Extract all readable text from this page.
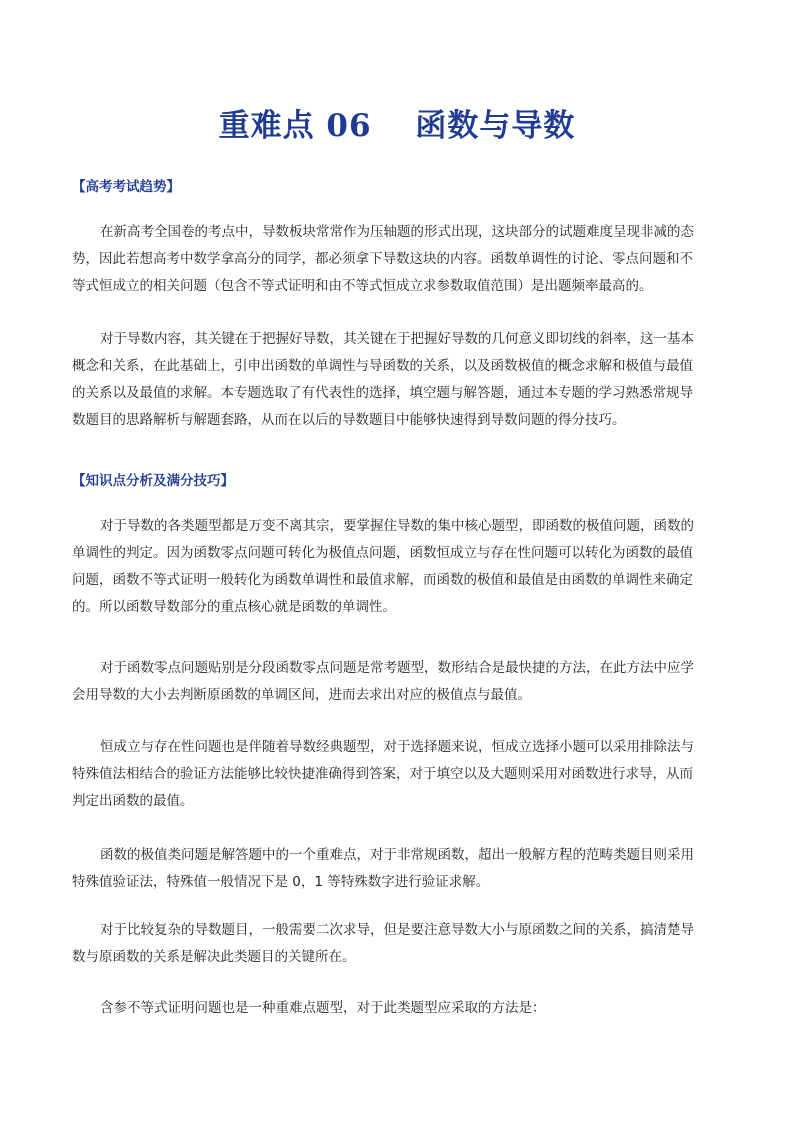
重难点 06　 函数与导数
【高考考试趋势】
在新高考全国卷的考点中，导数板块常常作为压轴题的形式出现，这块部分的试题难度呈现非减的态
势，因此若想高考中数学拿高分的同学，都必须拿下导数这块的内容。函数单调性的讨论、零点问题和不
等式恒成立的相关问题（包含不等式证明和由不等式恒成立求参数取值范围）是出题频率最高的。
对于导数内容，其关键在于把握好导数，其关键在于把握好导数的几何意义即切线的斜率，这一基本
概念和关系，在此基础上，引申出函数的单调性与导函数的关系，以及函数极值的概念求解和极值与最值
的关系以及最值的求解。本专题选取了有代表性的选择，填空题与解答题，通过本专题的学习熟悉常规导
数题目的思路解析与解题套路，从而在以后的导数题目中能够快速得到导数问题的得分技巧。
【知识点分析及满分技巧】
对于导数的各类题型都是万变不离其宗，要掌握住导数的集中核心题型，即函数的极值问题，函数的
单调性的判定。因为函数零点问题可转化为极值点问题，函数恒成立与存在性问题可以转化为函数的最值
问题，函数不等式证明一般转化为函数单调性和最值求解，而函数的极值和最值是由函数的单调性来确定
的。所以函数导数部分的重点核心就是函数的单调性。
对于函数零点问题贴别是分段函数零点问题是常考题型，数形结合是最快捷的方法，在此方法中应学
会用导数的大小去判断原函数的单调区间，进而去求出对应的极值点与最值。
恒成立与存在性问题也是伴随着导数经典题型，对于选择题来说，恒成立选择小题可以采用排除法与
特殊值法相结合的验证方法能够比较快捷准确得到答案，对于填空以及大题则采用对函数进行求导，从而
判定出函数的最值。
函数的极值类问题是解答题中的一个重难点，对于非常规函数，超出一般解方程的范畴类题目则采用
特殊值验证法，特殊值一般情况下是 0，1 等特殊数字进行验证求解。
对于比较复杂的导数题目，一般需要二次求导，但是要注意导数大小与原函数之间的关系，搞清楚导
数与原函数的关系是解决此类题目的关键所在。
含参不等式证明问题也是一种重难点题型，对于此类题型应采取的方法是：
